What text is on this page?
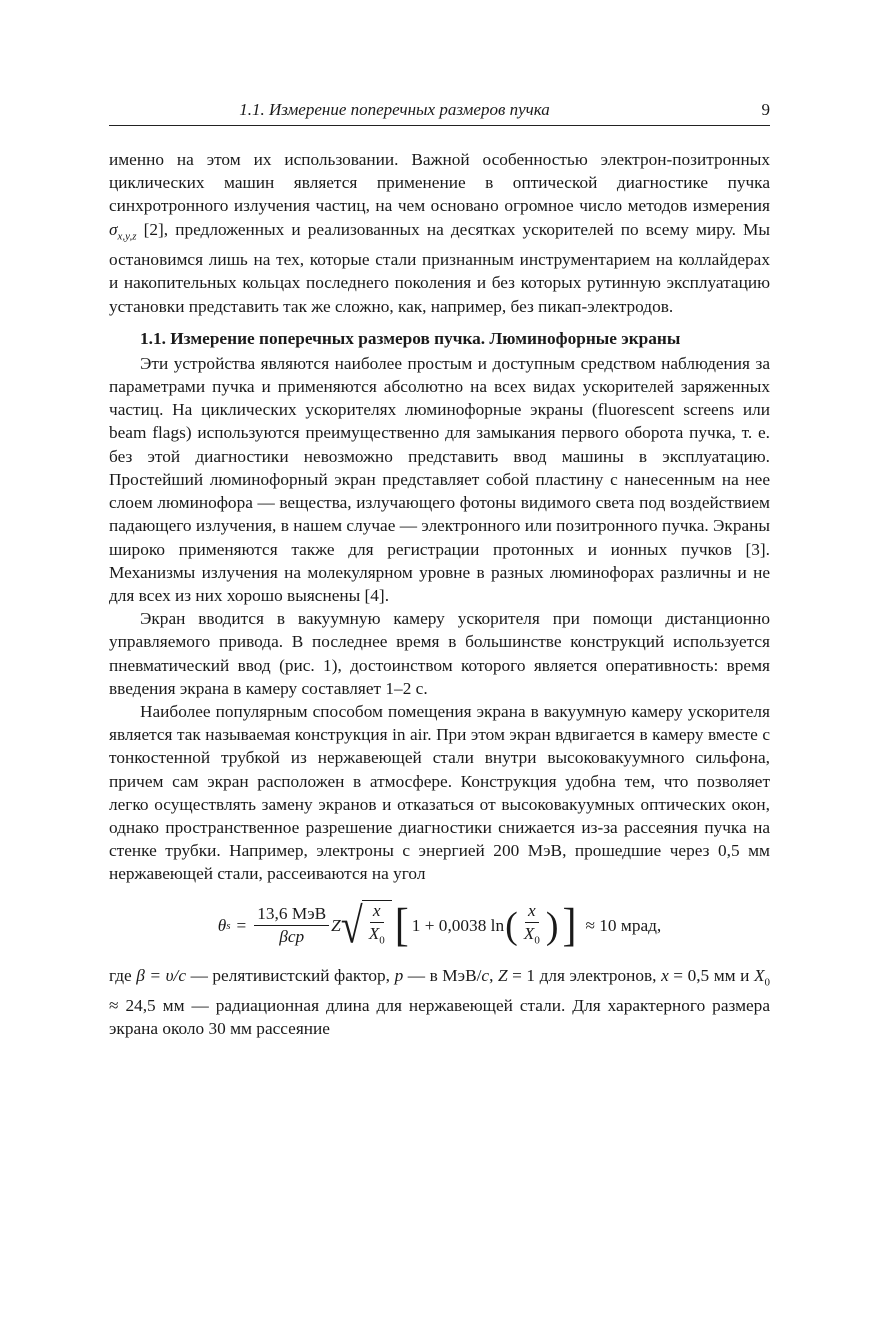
1.1. Измерение поперечных размеров пучка	9

именно на этом их использовании. Важной особенностью электрон-позитронных циклических машин является применение в оптической диагностике пучка синхротронного излучения частиц, на чем основано огромное число методов измерения $\sigma_{x,y,z}$ [2], предложенных и реализованных на десятках ускорителей по всему миру. Мы остановимся лишь на тех, которые стали признанным инструментарием на коллайдерах и накопительных кольцах последнего поколения и без которых рутинную эксплуатацию установки представить так же сложно, как, например, без пикап-электродов.

1.1. Измерение поперечных размеров пучка. Люминофорные экраны

Эти устройства являются наиболее простым и доступным средством наблюдения за параметрами пучка и применяются абсолютно на всех видах ускорителей заряженных частиц. На циклических ускорителях люминофорные экраны (fluorescent screens или beam flags) используются преимущественно для замыкания первого оборота пучка, т. е. без этой диагностики невозможно представить ввод машины в эксплуатацию. Простейший люминофорный экран представляет собой пластину с нанесенным на нее слоем люминофора — вещества, излучающего фотоны видимого света под воздействием падающего излучения, в нашем случае — электронного или позитронного пучка. Экраны широко применяются также для регистрации протонных и ионных пучков [3]. Механизмы излучения на молекулярном уровне в разных люминофорах различны и не для всех из них хорошо выяснены [4].

Экран вводится в вакуумную камеру ускорителя при помощи дистанционно управляемого привода. В последнее время в большинстве конструкций используется пневматический ввод (рис. 1), достоинством которого является оперативность: время введения экрана в камеру составляет 1–2 с.

Наиболее популярным способом помещения экрана в вакуумную камеру ускорителя является так называемая конструкция in air. При этом экран вдвигается в камеру вместе с тонкостенной трубкой из нержавеющей стали внутри высоковакуумного сильфона, причем сам экран расположен в атмосфере. Конструкция удобна тем, что позволяет легко осуществлять замену экранов и отказаться от высоковакуумных оптических окон, однако пространственное разрешение диагностики снижается из-за рассеяния пучка на стенке трубки. Например, электроны с энергией 200 МэВ, прошедшие через 0,5 мм нержавеющей стали, рассеиваются на угол

θ $s = \frac{\text{13,6 МэВ}}{\text{βcp}}$ Z √ $\frac{x}{X_0}$ [ 1 + 0,0038 ln ( $\frac{x}{X_0}$ ) ] ≈ 10 мрад,

где β = υ/c — релятивистский фактор, p — в МэВ/c, Z = 1 для электронов, x = 0,5 мм и $X_0 \approx 24,5$ мм — радиационная длина для нержавеющей стали. Для характерного размера экрана около 30 мм рассеяние
